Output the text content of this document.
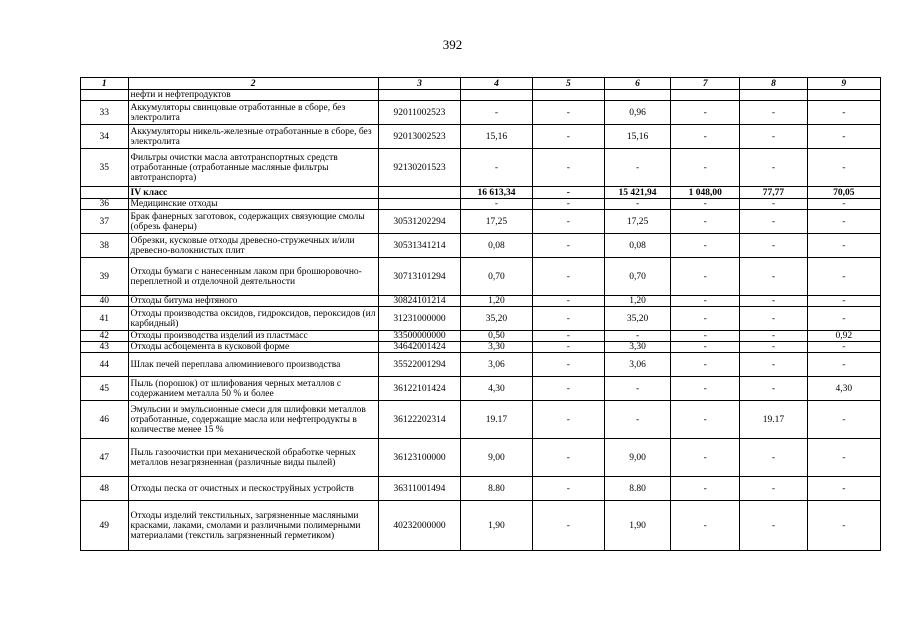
392
1	2	3	4	5	6	7	8	9
	нефти и нефтепродуктов							
33	Аккумуляторы свинцовые отработанные в сборе, без электролита	92011002523	-	-	0,96	-	-	-
34	Аккумуляторы никель-железные отработанные в сборе, без электролита	92013002523	15,16	-	15,16	-	-	-
35	Фильтры очистки масла автотранспортных средств отработанные (отработанные масляные фильтры автотранспорта)	92130201523	-	-	-	-	-	-
	IV класс		16 613,34	-	15 421,94	1 048,00	77,77	70,05
36	Медицинские отходы		-	-	-	-	-	-
37	Брак фанерных заготовок, содержащих связующие смолы (обрезь фанеры)	30531202294	17,25	-	17,25	-	-	-
38	Обрезки, кусковые отходы древесно-стружечных и/или древесно-волокнистых плит	30531341214	0,08	-	0,08	-	-	-
39	Отходы бумаги с нанесенным лаком при брошюровочно-переплетной и отделочной деятельности	30713101294	0,70	-	0,70	-	-	-
40	Отходы битума нефтяного	30824101214	1,20	-	1,20	-	-	-
41	Отходы производства оксидов, гидроксидов, пероксидов (ил карбидный)	31231000000	35,20	-	35,20	-	-	-
42	Отходы производства изделий из пластмасс	33500000000	0,50	-	-	-	-	0,92
43	Отходы асбоцемента в кусковой форме	34642001424	3,30	-	3,30	-	-	-
44	Шлак печей переплава алюминиевого производства	35522001294	3,06	-	3,06	-	-	-
45	Пыль (порошок) от шлифования черных металлов с содержанием металла 50 % и более	36122101424	4,30	-	-	-	-	4,30
46	Эмульсии и эмульсионные смеси для шлифовки металлов отработанные, содержащие масла или нефтепродукты в количестве менее 15 %	36122202314	19.17	-	-	-	19.17	-
47	Пыль газоочистки при механической обработке черных металлов незагрязненная (различные виды пылей)	36123100000	9,00	-	9,00	-	-	-
48	Отходы песка от очистных и пескоструйных устройств	36311001494	8.80	-	8.80	-	-	-
49	Отходы изделий текстильных, загрязненные масляными красками, лаками, смолами и различными полимерными материалами (текстиль загрязненный герметиком)	40232000000	1,90	-	1,90	-	-	-
